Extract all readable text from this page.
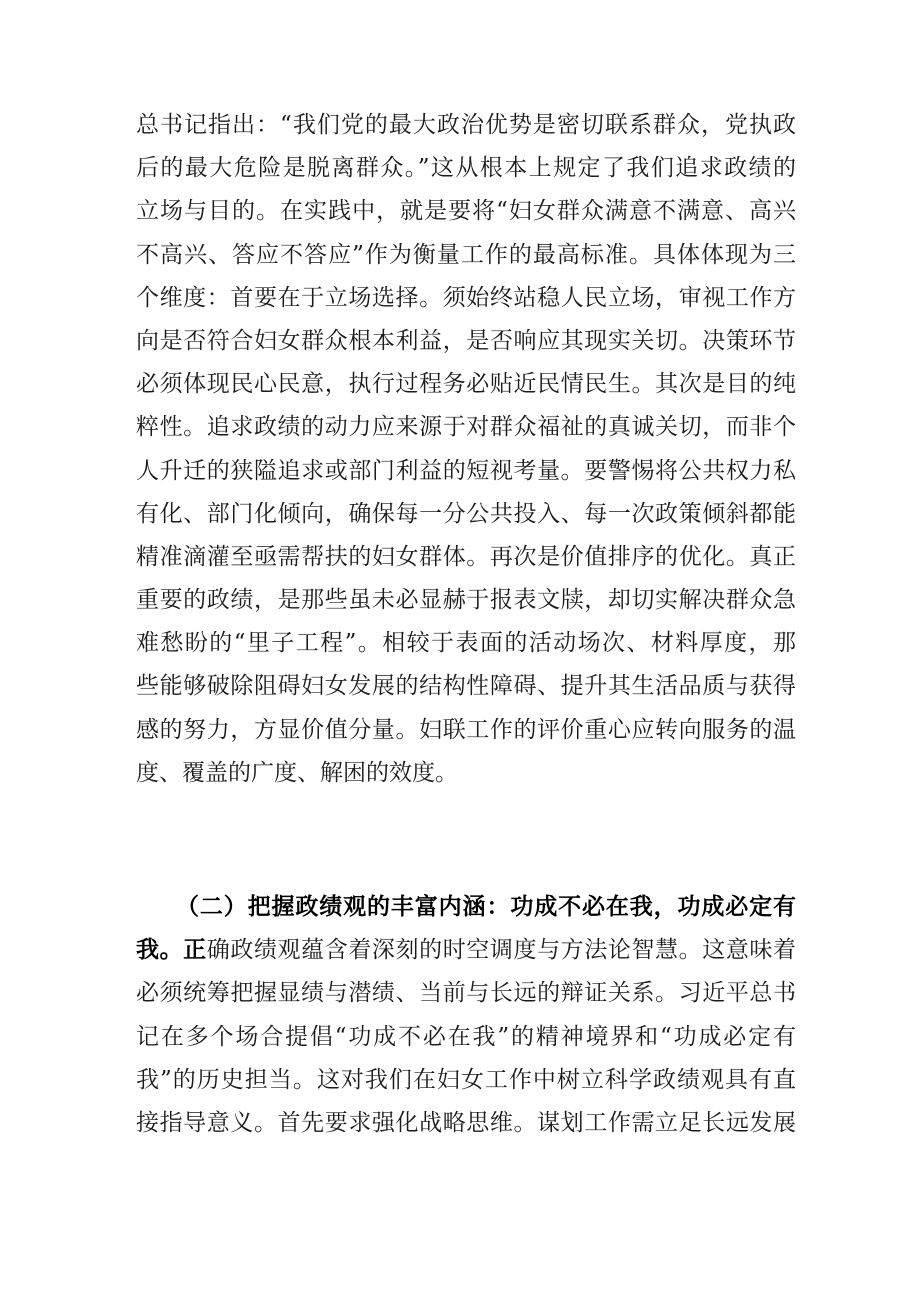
总书记指出：“我们党的最大政治优势是密切联系群众，党执政
后的最大危险是脱离群众。”这从根本上规定了我们追求政绩的
立场与目的。在实践中，就是要将“妇女群众满意不满意、高兴
不高兴、答应不答应”作为衡量工作的最高标准。具体体现为三
个维度：首要在于立场选择。须始终站稳人民立场，审视工作方
向是否符合妇女群众根本利益，是否响应其现实关切。决策环节
必须体现民心民意，执行过程务必贴近民情民生。其次是目的纯
粹性。追求政绩的动力应来源于对群众福祉的真诚关切，而非个
人升迁的狭隘追求或部门利益的短视考量。要警惕将公共权力私
有化、部门化倾向，确保每一分公共投入、每一次政策倾斜都能
精准滴灌至亟需帮扶的妇女群体。再次是价值排序的优化。真正
重要的政绩，是那些虽未必显赫于报表文牍，却切实解决群众急
难愁盼的“里子工程”。相较于表面的活动场次、材料厚度，那
些能够破除阻碍妇女发展的结构性障碍、提升其生活品质与获得
感的努力，方显价值分量。妇联工作的评价重心应转向服务的温
度、覆盖的广度、解困的效度。
（二）把握政绩观的丰富内涵：功成不必在我，功成必定有
我。正确政绩观蕴含着深刻的时空调度与方法论智慧。这意味着
必须统筹把握显绩与潜绩、当前与长远的辩证关系。习近平总书
记在多个场合提倡“功成不必在我”的精神境界和“功成必定有
我”的历史担当。这对我们在妇女工作中树立科学政绩观具有直
接指导意义。首先要求强化战略思维。谋划工作需立足长远发展
